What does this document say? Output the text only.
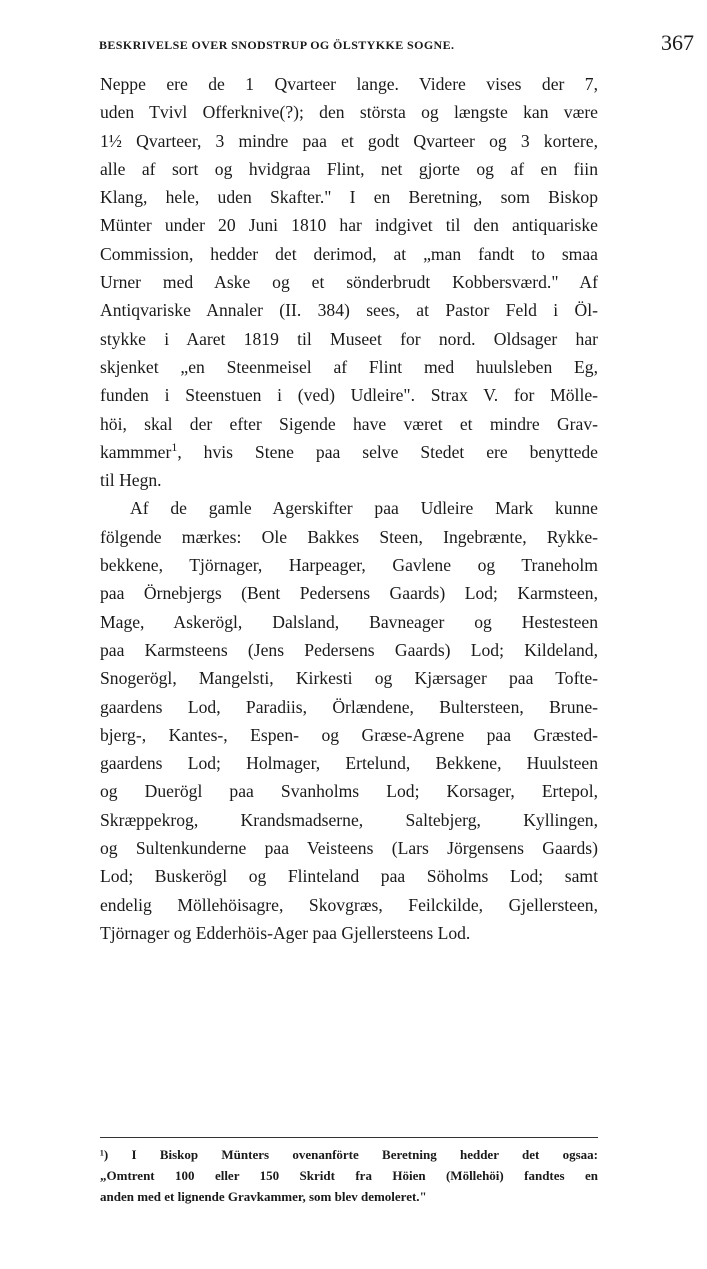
BESKRIVELSE OVER SNODSTRUP OG ÖLSTYKKE SOGNE.	367
Neppe ere de 1 Qvarteer lange. Videre vises der 7,
uden Tvivl Offerknive(?); den största og længste kan være
1½ Qvarteer, 3 mindre paa et godt Qvarteer og 3 kortere,
alle af sort og hvidgraa Flint, net gjorte og af en fiin
Klang, hele, uden Skafter." I en Beretning, som Biskop
Münter under 20 Juni 1810 har indgivet til den antiquariske
Commission, hedder det derimod, at „man fandt to smaa
Urner med Aske og et sönderbrudt Kobbersværd." Af
Antiqvariske Annaler (II. 384) sees, at Pastor Feld i Öl-
stykke i Aaret 1819 til Museet for nord. Oldsager har
skjenket „en Steenmeisel af Flint med huulsleben Eg,
funden i Steenstuen i (ved) Udleire". Strax V. for Mölle-
höi, skal der efter Sigende have været et mindre Grav-
kammmer$^1$, hvis Stene paa selve Stedet ere benyttede
til Hegn.
Af de gamle Agerskifter paa Udleire Mark kunne
fölgende mærkes: Ole Bakkes Steen, Ingebrænte, Rykke-
bekkene, Tjörnager, Harpeager, Gavlene og Traneholm
paa Örnebjergs (Bent Pedersens Gaards) Lod; Karmsteen,
Mage, Askerögl, Dalsland, Bavneager og Hestesteen
paa Karmsteens (Jens Pedersens Gaards) Lod; Kildeland,
Snogerögl, Mangelsti, Kirkesti og Kjærsager paa Tofte-
gaardens Lod, Paradiis, Örlændene, Bultersteen, Brune-
bjerg-, Kantes-, Espen- og Græse-Agrene paa Græsted-
gaardens Lod; Holmager, Ertelund, Bekkene, Huulsteen
og Duerögl paa Svanholms Lod; Korsager, Ertepol,
Skræppekrog, Krandsmadserne, Saltebjerg, Kyllingen,
og Sultenkunderne paa Veisteens (Lars Jörgensens Gaards)
Lod; Buskerögl og Flinteland paa Söholms Lod; samt
endelig Möllehöisagre, Skovgræs, Feilckilde, Gjellersteen,
Tjörnager og Edderhöis-Ager paa Gjellersteens Lod.
¹) I Biskop Münters ovenanförte Beretning hedder det ogsaa:
„Omtrent 100 eller 150 Skridt fra Höien (Möllehöi) fandtes en
anden med et lignende Gravkammer, som blev demoleret."
